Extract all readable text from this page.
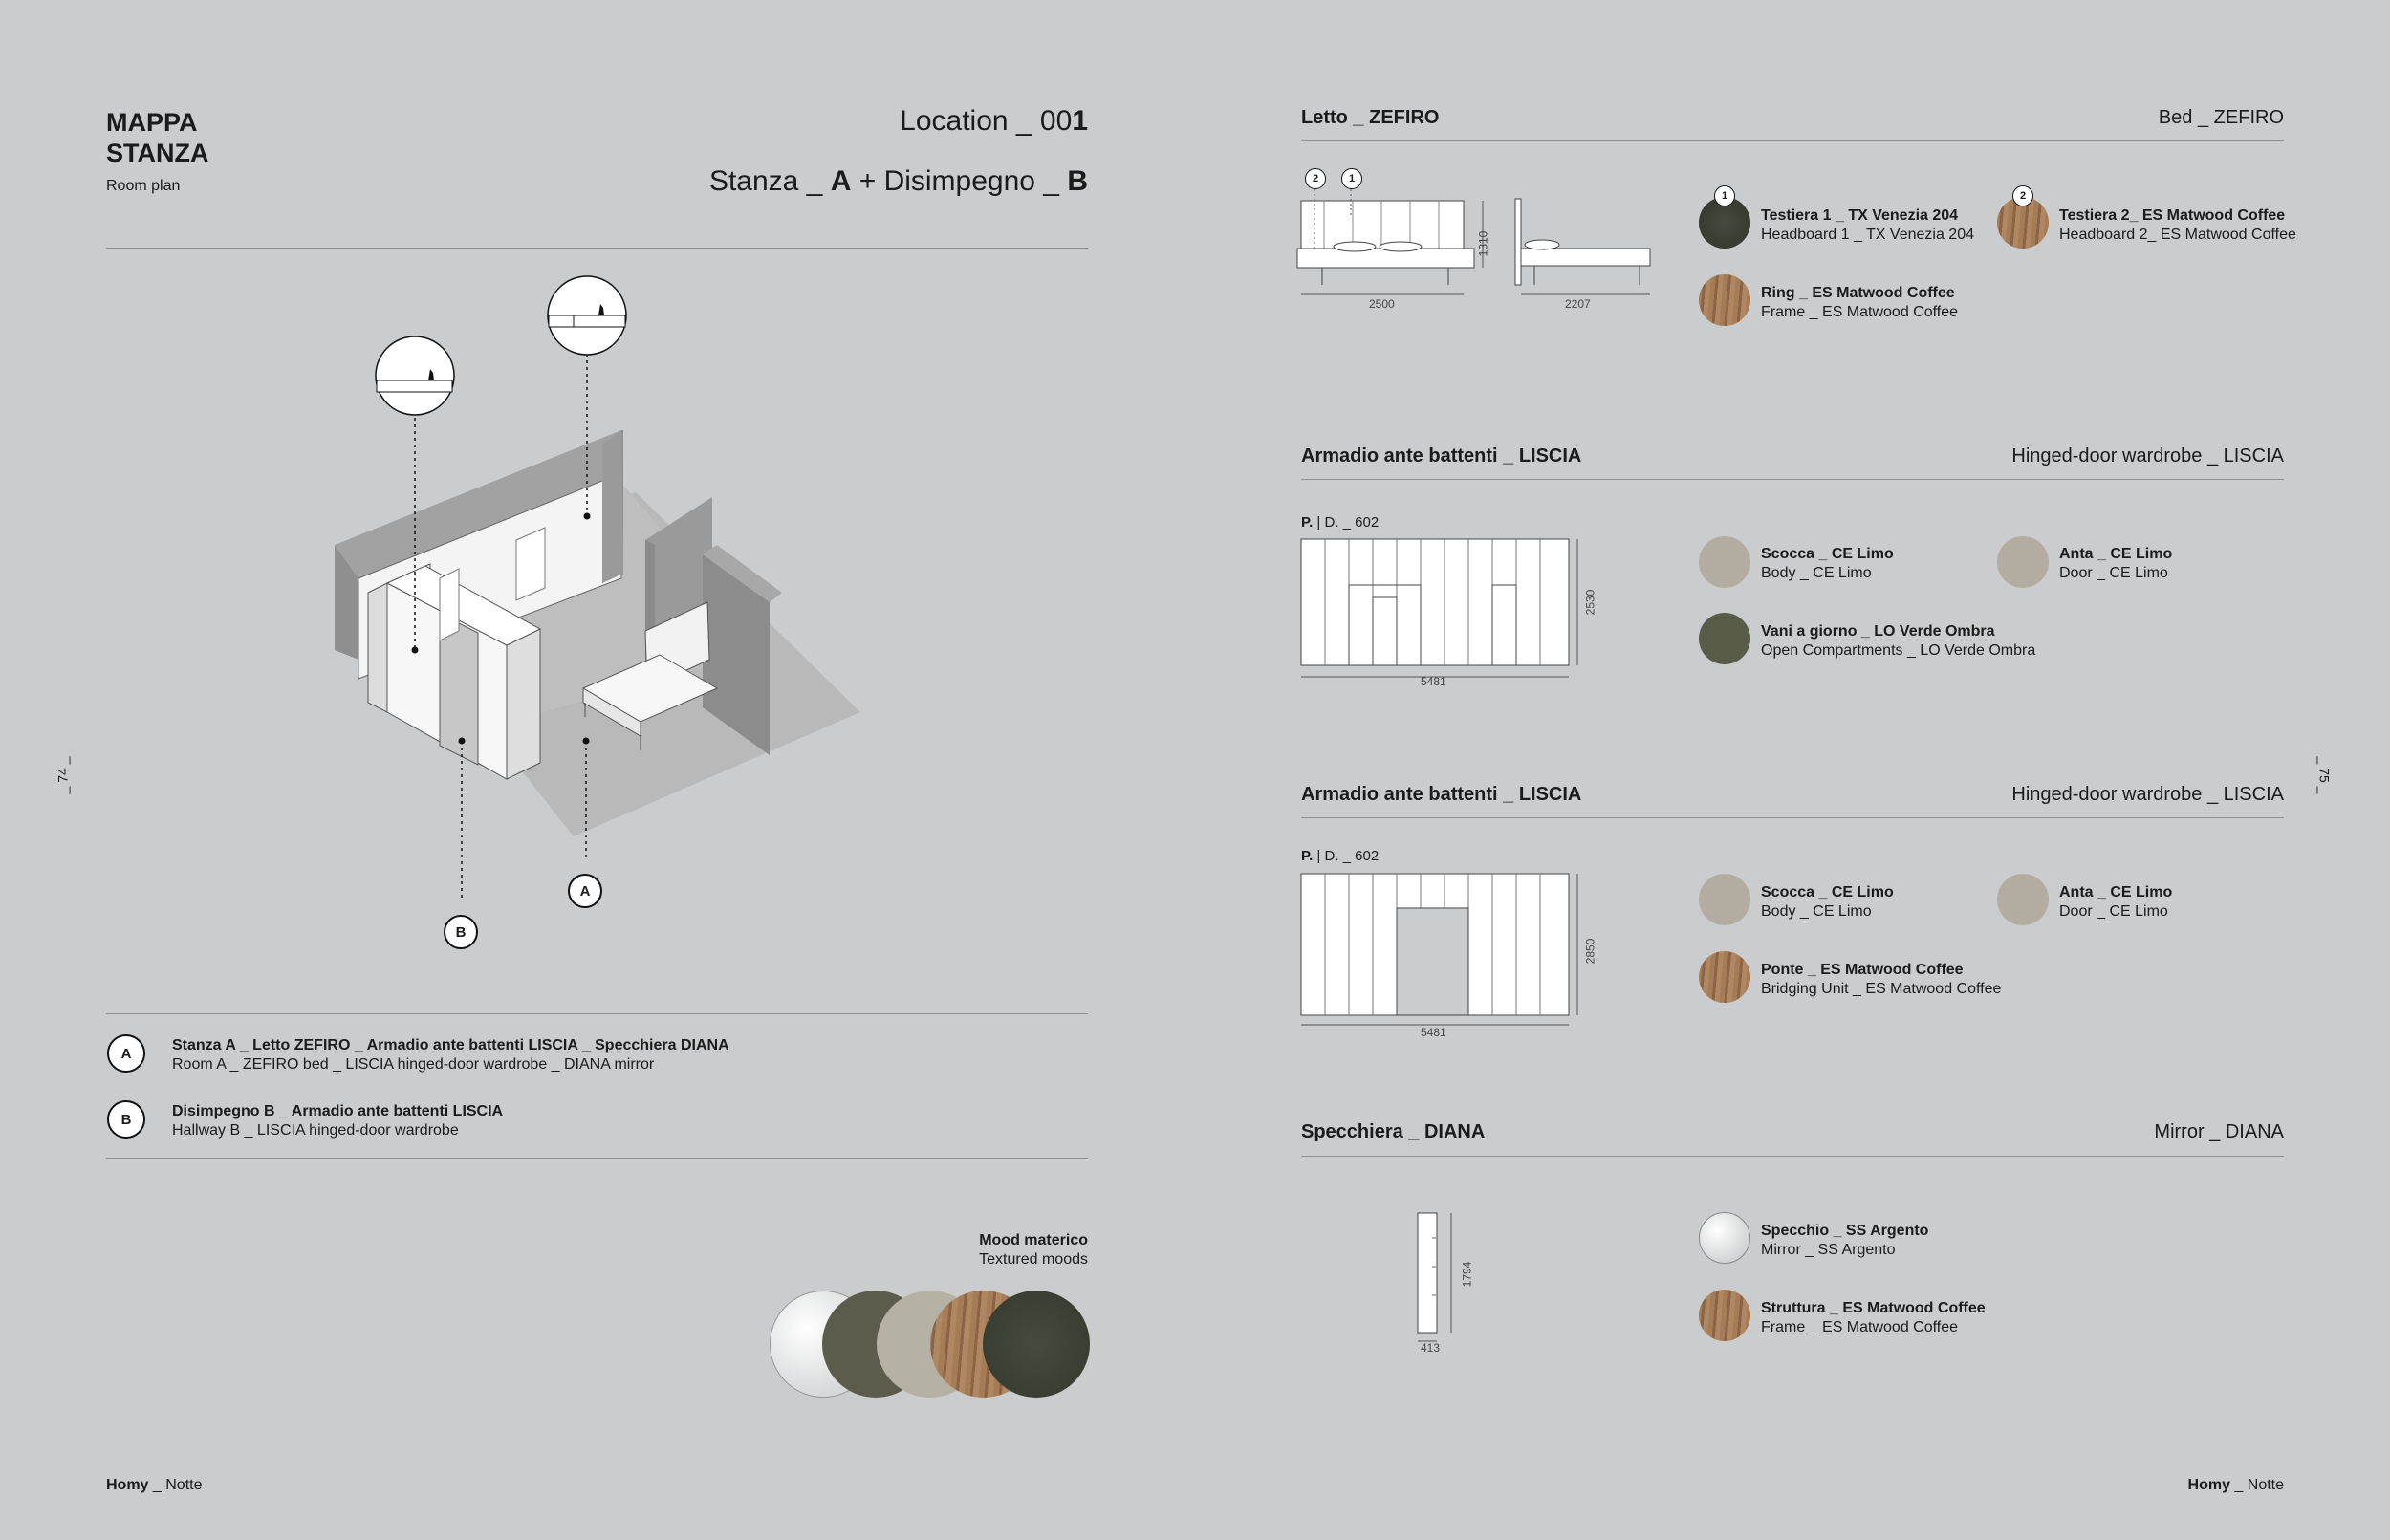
MAPPA
STANZA
Room plan
Location _ 001
Stanza _ A + Disimpegno _ B
A
B
A	Stanza A _ Letto ZEFIRO _ Armadio ante battenti LISCIA _ Specchiera DIANA
Room A _ ZEFIRO bed _ LISCIA hinged-door wardrobe _ DIANA mirror
B	Disimpegno B _ Armadio ante battenti LISCIA
Hallway B _ LISCIA hinged-door wardrobe
Mood materico
Textured moods
_ 74 _
Homy _ Notte
Letto _ ZEFIRO	Bed _ ZEFIRO
2	1
2500	2207
1310
1
Testiera 1 _ TX Venezia 204
Headboard 1 _ TX Venezia 204
2
Testiera 2_ ES Matwood Coffee
Headboard 2_ ES Matwood Coffee
Ring _ ES Matwood Coffee
Frame _ ES Matwood Coffee
Armadio ante battenti _ LISCIA	Hinged-door wardrobe _ LISCIA
P. | D. _ 602
5481
2530
Scocca _ CE Limo
Body _ CE Limo
Anta _ CE Limo
Door _ CE Limo
Vani a giorno _ LO Verde Ombra
Open Compartments _ LO Verde Ombra
Armadio ante battenti _ LISCIA	Hinged-door wardrobe _ LISCIA
P. | D. _ 602
5481
2850
Scocca _ CE Limo
Body _ CE Limo
Anta _ CE Limo
Door _ CE Limo
Ponte _ ES Matwood Coffee
Bridging Unit _ ES Matwood Coffee
Specchiera _ DIANA	Mirror _ DIANA
413
1794
Specchio _ SS Argento
Mirror _ SS Argento
Struttura _ ES Matwood Coffee
Frame _ ES Matwood Coffee
_ 75 _
Homy _ Notte
